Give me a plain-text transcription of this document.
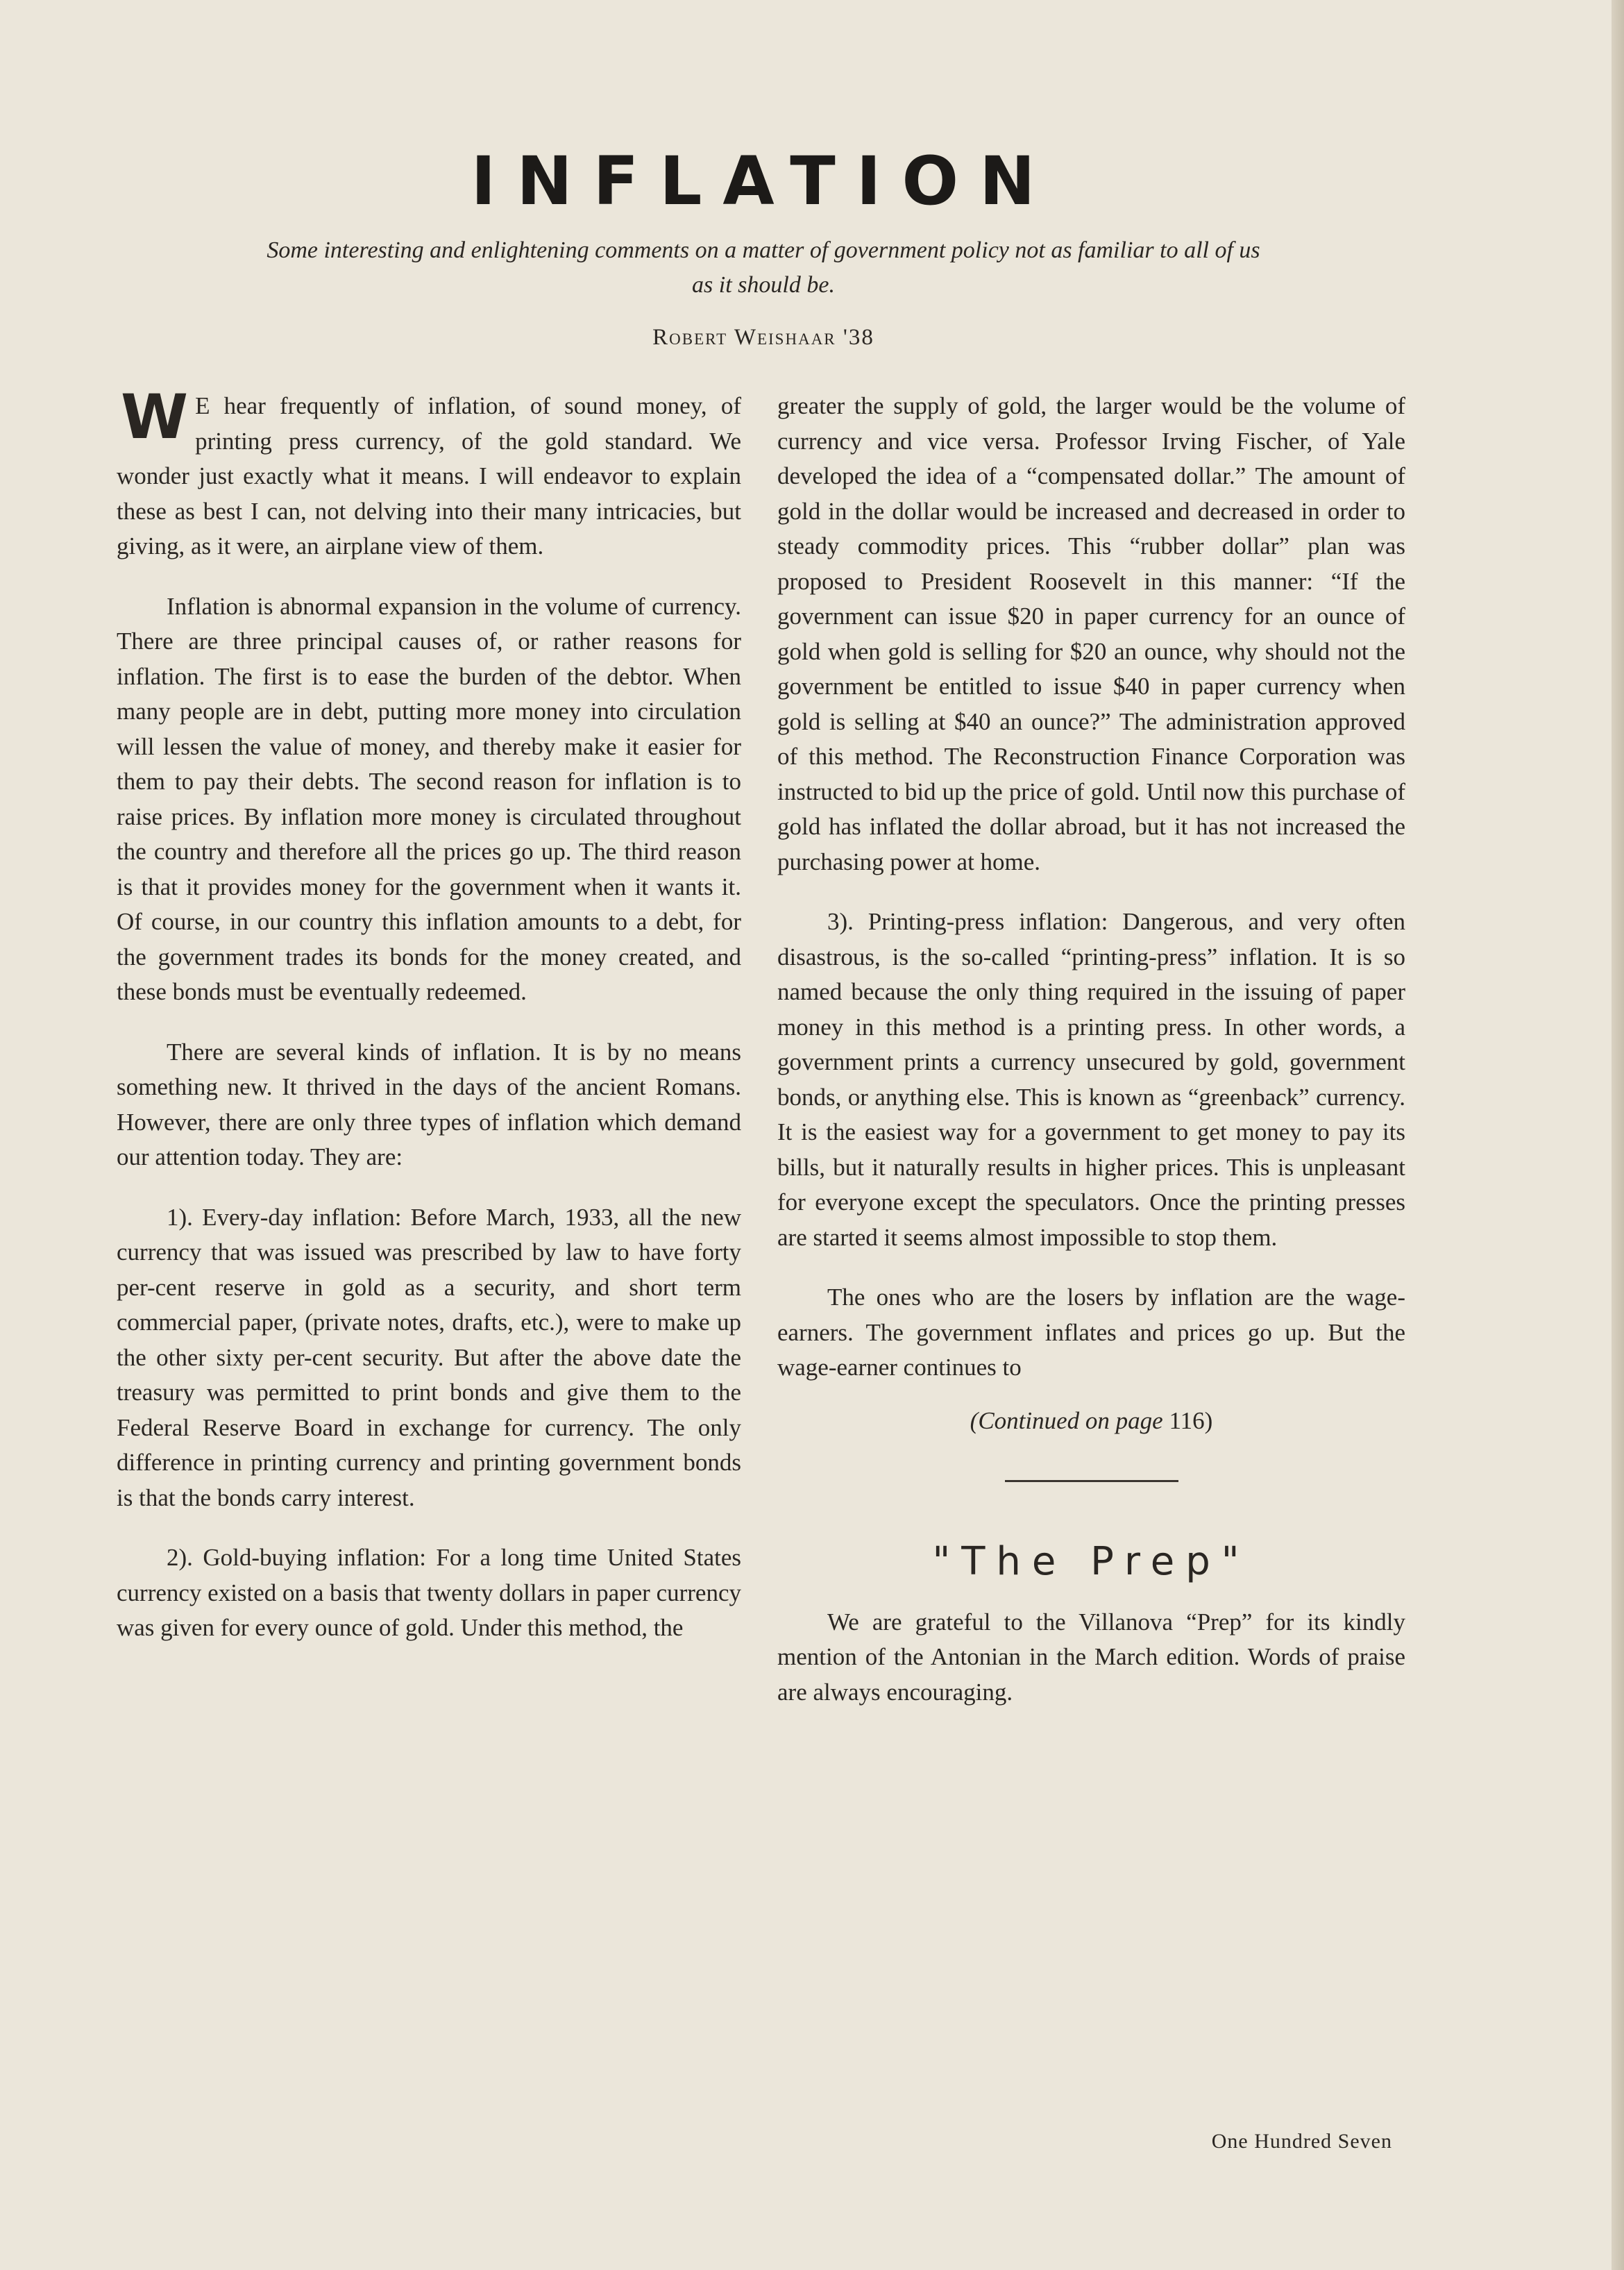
INFLATION
Some interesting and enlightening comments on a matter of government policy not as familiar to all of us as it should be.
Robert Weishaar '38

W E hear frequently of inflation, of sound money, of printing press currency, of the gold standard. We wonder just exactly what it means. I will endeavor to explain these as best I can, not delving into their many intricacies, but giving, as it were, an airplane view of them.

Inflation is abnormal expansion in the volume of currency. There are three principal causes of, or rather reasons for inflation. The first is to ease the burden of the debtor. When many people are in debt, putting more money into circulation will lessen the value of money, and thereby make it easier for them to pay their debts. The second reason for inflation is to raise prices. By inflation more money is circulated throughout the country and therefore all the prices go up. The third reason is that it provides money for the government when it wants it. Of course, in our country this inflation amounts to a debt, for the government trades its bonds for the money created, and these bonds must be eventually redeemed.

There are several kinds of inflation. It is by no means something new. It thrived in the days of the ancient Romans. However, there are only three types of inflation which demand our attention today. They are:

1). Every-day inflation: Before March, 1933, all the new currency that was issued was prescribed by law to have forty per-cent reserve in gold as a security, and short term commercial paper, (private notes, drafts, etc.), were to make up the other sixty per-cent security. But after the above date the treasury was permitted to print bonds and give them to the Federal Reserve Board in exchange for currency. The only difference in printing currency and printing government bonds is that the bonds carry interest.

2). Gold-buying inflation: For a long time United States currency existed on a basis that twenty dollars in paper currency was given for every ounce of gold. Under this method, the

greater the supply of gold, the larger would be the volume of currency and vice versa. Professor Irving Fischer, of Yale developed the idea of a “compensated dollar.” The amount of gold in the dollar would be increased and decreased in order to steady commodity prices. This “rubber dollar” plan was proposed to President Roosevelt in this manner: “If the government can issue $20 in paper currency for an ounce of gold when gold is selling for $20 an ounce, why should not the government be entitled to issue $40 in paper currency when gold is selling at $40 an ounce?” The administration approved of this method. The Reconstruction Finance Corporation was instructed to bid up the price of gold. Until now this purchase of gold has inflated the dollar abroad, but it has not increased the purchasing power at home.

3). Printing-press inflation: Dangerous, and very often disastrous, is the so-called “printing-press” inflation. It is so named because the only thing required in the issuing of paper money in this method is a printing press. In other words, a government prints a currency unsecured by gold, government bonds, or anything else. This is known as “greenback” currency. It is the easiest way for a government to get money to pay its bills, but it naturally results in higher prices. This is unpleasant for everyone except the speculators. Once the printing presses are started it seems almost impossible to stop them.

The ones who are the losers by inflation are the wage-earners. The government inflates and prices go up. But the wage-earner continues to

(Continued on page 116)
"The Prep"

We are grateful to the Villanova “Prep” for its kindly mention of the Antonian in the March edition. Words of praise are always encouraging.

One Hundred Seven
